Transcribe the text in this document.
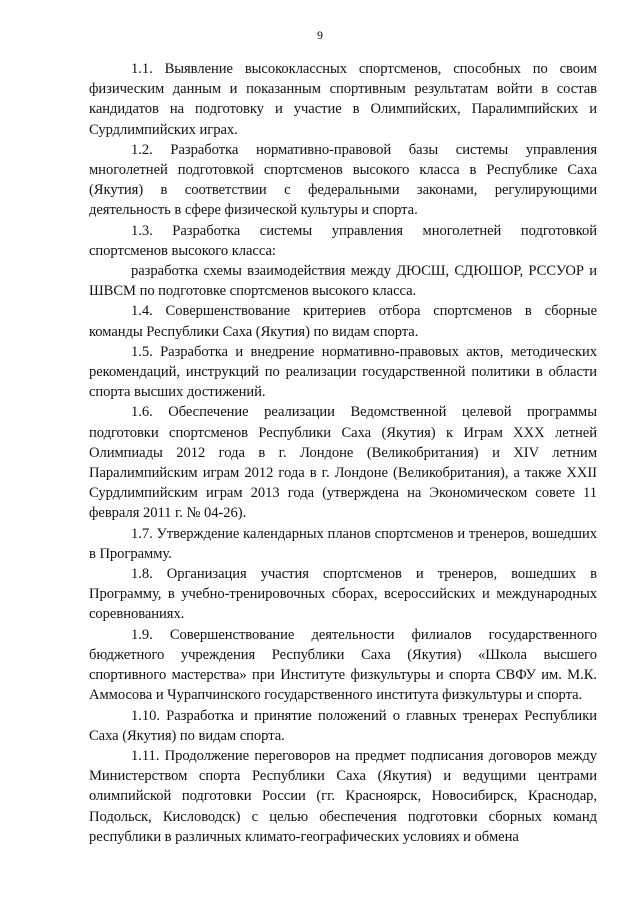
9

1.1. Выявление высококлассных спортсменов, способных по своим физическим данным и показанным спортивным результатам войти в состав кандидатов на подготовку и участие в Олимпийских, Паралимпийских и Сурдлимпийских играх.

1.2. Разработка нормативно-правовой базы системы управления многолетней подготовкой спортсменов высокого класса в Республике Саха (Якутия) в соответствии с федеральными законами, регулирующими деятельность в сфере физической культуры и спорта.

1.3. Разработка системы управления многолетней подготовкой спортсменов высокого класса:

разработка схемы взаимодействия между ДЮСШ, СДЮШОР, РССУОР и ШВСМ по подготовке спортсменов высокого класса.

1.4. Совершенствование критериев отбора спортсменов в сборные команды Республики Саха (Якутия) по видам спорта.

1.5. Разработка и внедрение нормативно-правовых актов, методических рекомендаций, инструкций по реализации государственной политики в области спорта высших достижений.

1.6. Обеспечение реализации Ведомственной целевой программы подготовки спортсменов Республики Саха (Якутия) к Играм XXX летней Олимпиады 2012 года в г. Лондоне (Великобритания) и XIV летним Паралимпийским играм 2012 года в г. Лондоне (Великобритания), а также XXII Сурдлимпийским играм 2013 года (утверждена на Экономическом совете 11 февраля 2011 г. № 04-26).

1.7. Утверждение календарных планов спортсменов и тренеров, вошедших в Программу.

1.8. Организация участия спортсменов и тренеров, вошедших в Программу, в учебно-тренировочных сборах, всероссийских и международных соревнованиях.

1.9. Совершенствование деятельности филиалов государственного бюджетного учреждения Республики Саха (Якутия) «Школа высшего спортивного мастерства» при Институте физкультуры и спорта СВФУ им. М.К. Аммосова и Чурапчинского государственного института физкультуры и спорта.

1.10. Разработка и принятие положений о главных тренерах Республики Саха (Якутия) по видам спорта.

1.11. Продолжение переговоров на предмет подписания договоров между Министерством спорта Республики Саха (Якутия) и ведущими центрами олимпийской подготовки России (гг. Красноярск, Новосибирск, Краснодар, Подольск, Кисловодск) с целью обеспечения подготовки сборных команд республики в различных климато-географических условиях и обмена
